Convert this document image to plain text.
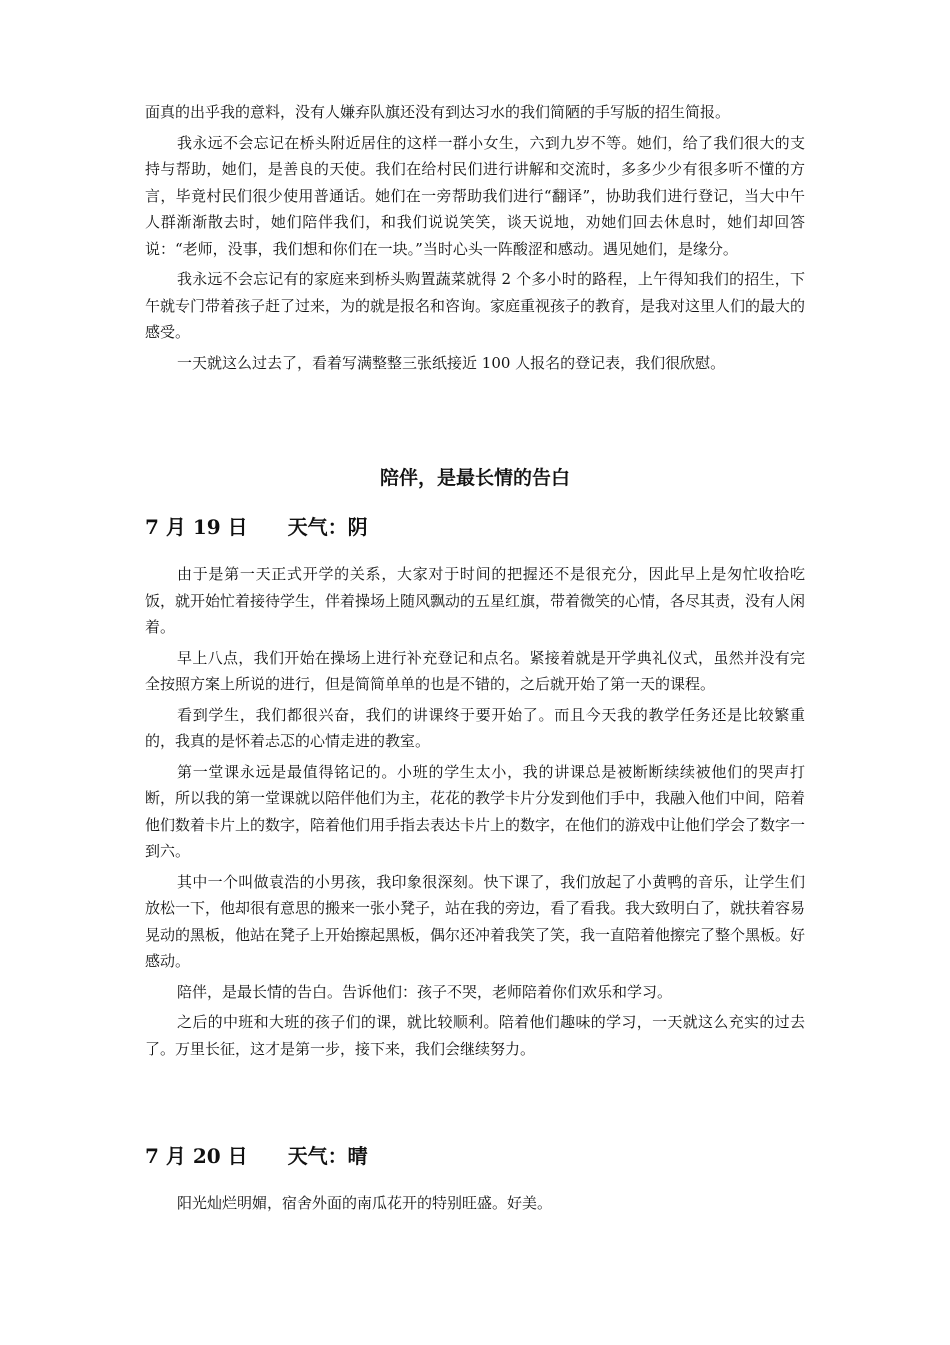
面真的出乎我的意料，没有人嫌弃队旗还没有到达习水的我们简陋的手写版的招生简报。

我永远不会忘记在桥头附近居住的这样一群小女生，六到九岁不等。她们，给了我们很大的支持与帮助，她们，是善良的天使。我们在给村民们进行讲解和交流时，多多少少有很多听不懂的方言，毕竟村民们很少使用普通话。她们在一旁帮助我们进行“翻译”，协助我们进行登记，当大中午人群渐渐散去时，她们陪伴我们，和我们说说笑笑，谈天说地，劝她们回去休息时，她们却回答说：“老师，没事，我们想和你们在一块。”当时心头一阵酸涩和感动。遇见她们，是缘分。

我永远不会忘记有的家庭来到桥头购置蔬菜就得 2 个多小时的路程，上午得知我们的招生，下午就专门带着孩子赶了过来，为的就是报名和咨询。家庭重视孩子的教育，是我对这里人们的最大的感受。

一天就这么过去了，看着写满整整三张纸接近 100 人报名的登记表，我们很欣慰。

陪伴，是最长情的告白
7 月 19 日 天气：阴

由于是第一天正式开学的关系，大家对于时间的把握还不是很充分，因此早上是匆忙收拾吃饭，就开始忙着接待学生，伴着操场上随风飘动的五星红旗，带着微笑的心情，各尽其责，没有人闲着。

早上八点，我们开始在操场上进行补充登记和点名。紧接着就是开学典礼仪式，虽然并没有完全按照方案上所说的进行，但是简简单单的也是不错的，之后就开始了第一天的课程。

看到学生，我们都很兴奋，我们的讲课终于要开始了。而且今天我的教学任务还是比较繁重的，我真的是怀着忐忑的心情走进的教室。

第一堂课永远是最值得铭记的。小班的学生太小，我的讲课总是被断断续续被他们的哭声打断，所以我的第一堂课就以陪伴他们为主，花花的教学卡片分发到他们手中，我融入他们中间，陪着他们数着卡片上的数字，陪着他们用手指去表达卡片上的数字，在他们的游戏中让他们学会了数字一到六。

其中一个叫做袁浩的小男孩，我印象很深刻。快下课了，我们放起了小黄鸭的音乐，让学生们放松一下，他却很有意思的搬来一张小凳子，站在我的旁边，看了看我。我大致明白了，就扶着容易晃动的黑板，他站在凳子上开始擦起黑板，偶尔还冲着我笑了笑，我一直陪着他擦完了整个黑板。好感动。

陪伴，是最长情的告白。告诉他们：孩子不哭，老师陪着你们欢乐和学习。

之后的中班和大班的孩子们的课，就比较顺利。陪着他们趣味的学习，一天就这么充实的过去了。万里长征，这才是第一步，接下来，我们会继续努力。

7 月 20 日 天气：晴

阳光灿烂明媚，宿舍外面的南瓜花开的特别旺盛。好美。
